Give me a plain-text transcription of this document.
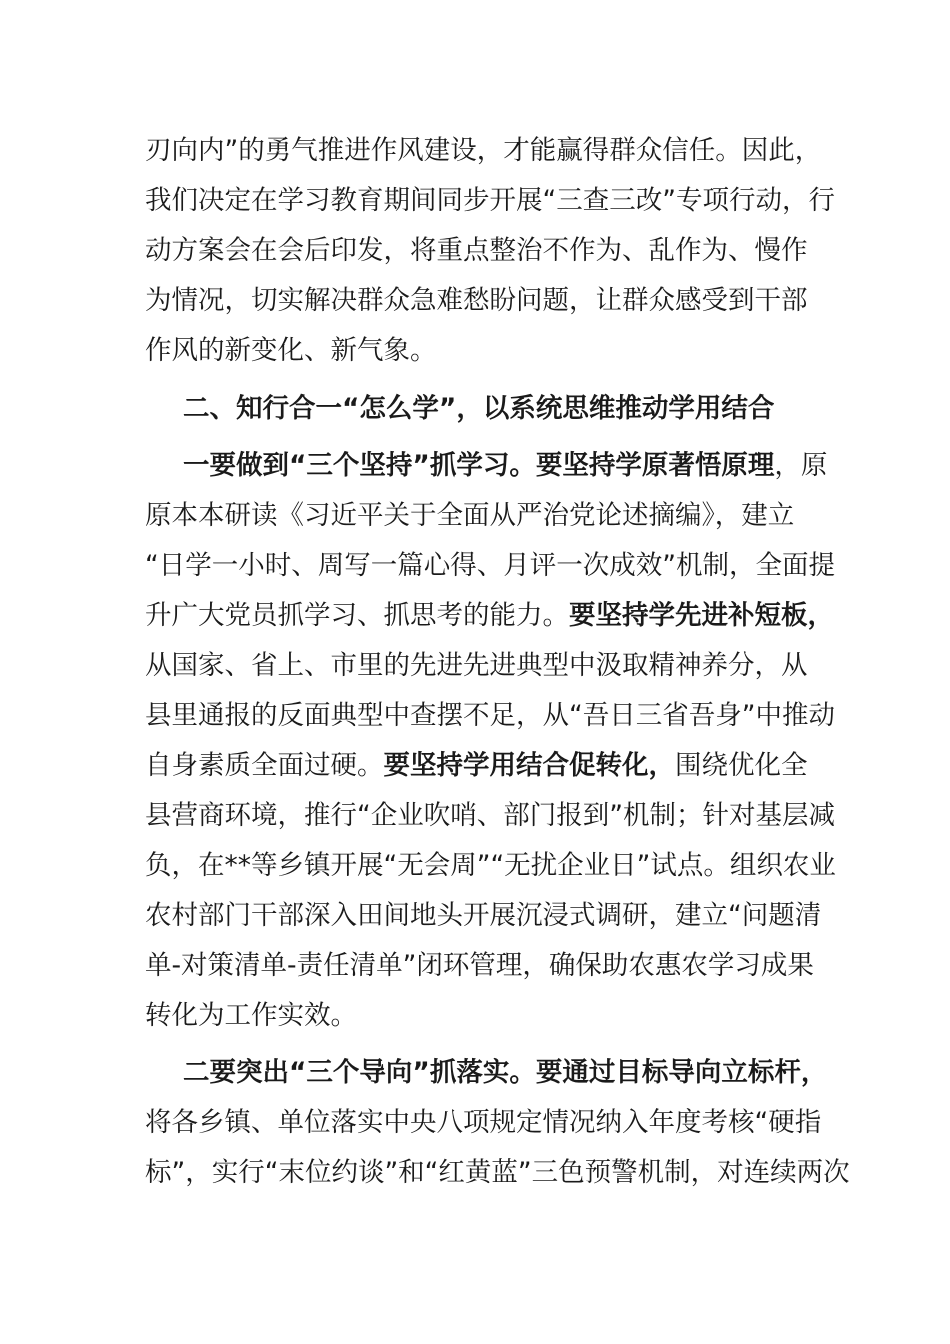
刃向内”的勇气推进作风建设，才能赢得群众信任。因此，
我们决定在学习教育期间同步开展“三查三改”专项行动，行
动方案会在会后印发，将重点整治不作为、乱作为、慢作
为情况，切实解决群众急难愁盼问题，让群众感受到干部
作风的新变化、新气象。
二、知行合一“怎么学”，以系统思维推动学用结合
一要做到“三个坚持”抓学习。要坚持学原著悟原理，原
原本本研读《习近平关于全面从严治党论述摘编》，建立
“日学一小时、周写一篇心得、月评一次成效”机制，全面提
升广大党员抓学习、抓思考的能力。要坚持学先进补短板，
从国家、省上、市里的先进先进典型中汲取精神养分，从
县里通报的反面典型中查摆不足，从“吾日三省吾身”中推动
自身素质全面过硬。要坚持学用结合促转化，围绕优化全
县营商环境，推行“企业吹哨、部门报到”机制；针对基层减
负，在**等乡镇开展“无会周”“无扰企业日”试点。组织农业
农村部门干部深入田间地头开展沉浸式调研，建立“问题清
单-对策清单-责任清单”闭环管理，确保助农惠农学习成果
转化为工作实效。
二要突出“三个导向”抓落实。要通过目标导向立标杆，
将各乡镇、单位落实中央八项规定情况纳入年度考核“硬指
标”，实行“末位约谈”和“红黄蓝”三色预警机制，对连续两次
